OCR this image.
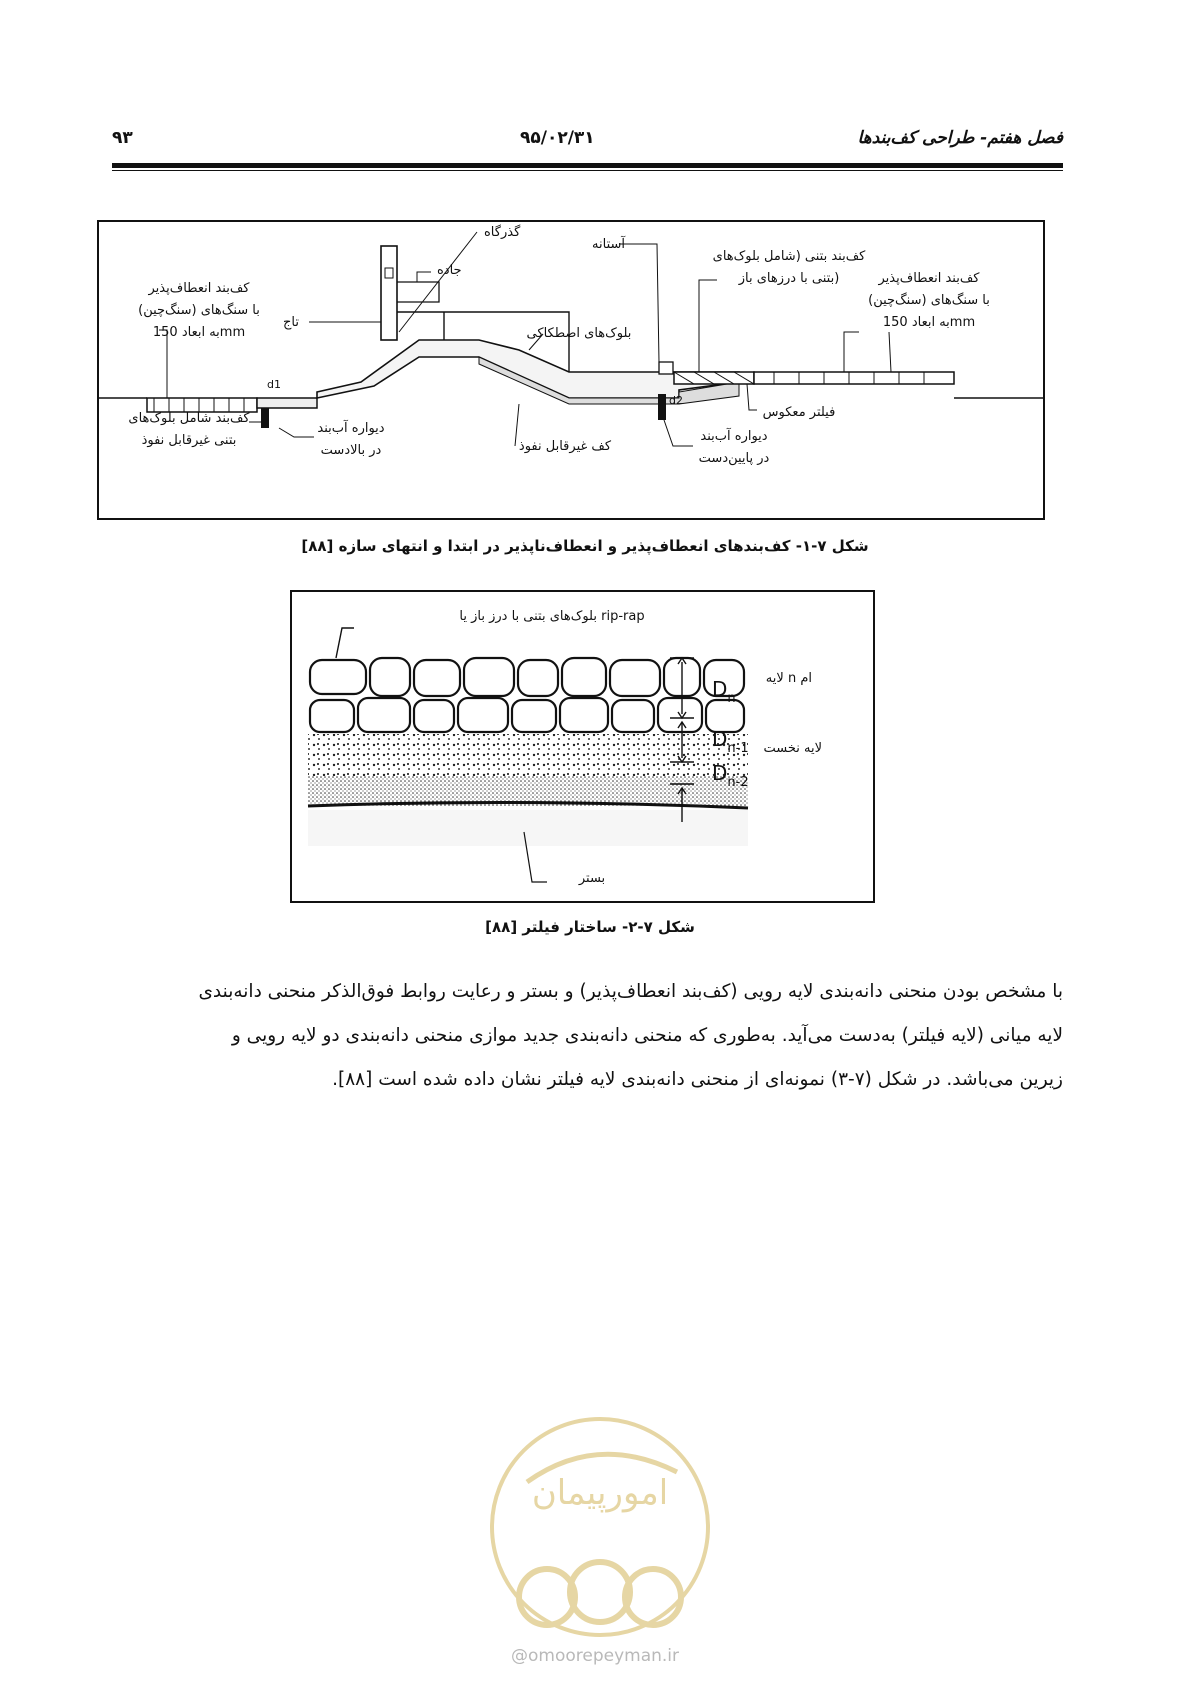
۹۳	۹۵/۰۲/۳۱	فصل هفتم- طراحی کف‌بندها
گذرگاه
جاده
تاج
آستانه
کف‌بند انعطاف‌پذیر
(سنگ‌چین) با سنگ‌های
به ابعاد 150mm
کف‌بند بتنی (شامل بلوک‌های
بتنی با درزهای باز)	کف‌بند انعطاف‌پذیر
(سنگ‌چین) با سنگ‌های
به ابعاد 150mm
بلوک‌های اصطکاکی
d1
d2
کف‌بند شامل بلوک‌های
بتنی غیرقابل نفوذ
دیواره آب‌بند
در بالادست	کف غیرقابل نفوذ
دیواره آب‌بند
در پایین‌دست
فیلتر معکوس
شکل ۷-۱- کف‌بندهای انعطاف‌پذیر و انعطاف‌ناپذیر در ابتدا و انتهای سازه [۸۸]
بلوک‌های بتنی با درز باز یا rip-rap
لایه n ام
لایه نخست
$D_n$
$D_{n-1}$
$D_{n-2}$
بستر
شکل ۷-۲- ساختار فیلتر [۸۸]

با مشخص بودن منحنی دانه‌بندی لایه رویی (کف‌بند انعطاف‌پذیر) و بستر و رعایت روابط فوق‌الذکر منحنی دانه‌بندی

لایه میانی (لایه فیلتر) به‌دست می‌آید. به‌طوری که منحنی دانه‌بندی جدید موازی منحنی دانه‌بندی دو لایه رویی و

زیرین می‌باشد. در شکل (۷-۳) نمونه‌ای از منحنی دانه‌بندی لایه فیلتر نشان داده شده است [۸۸].

امورپیمان
@omoorepeyman.ir
